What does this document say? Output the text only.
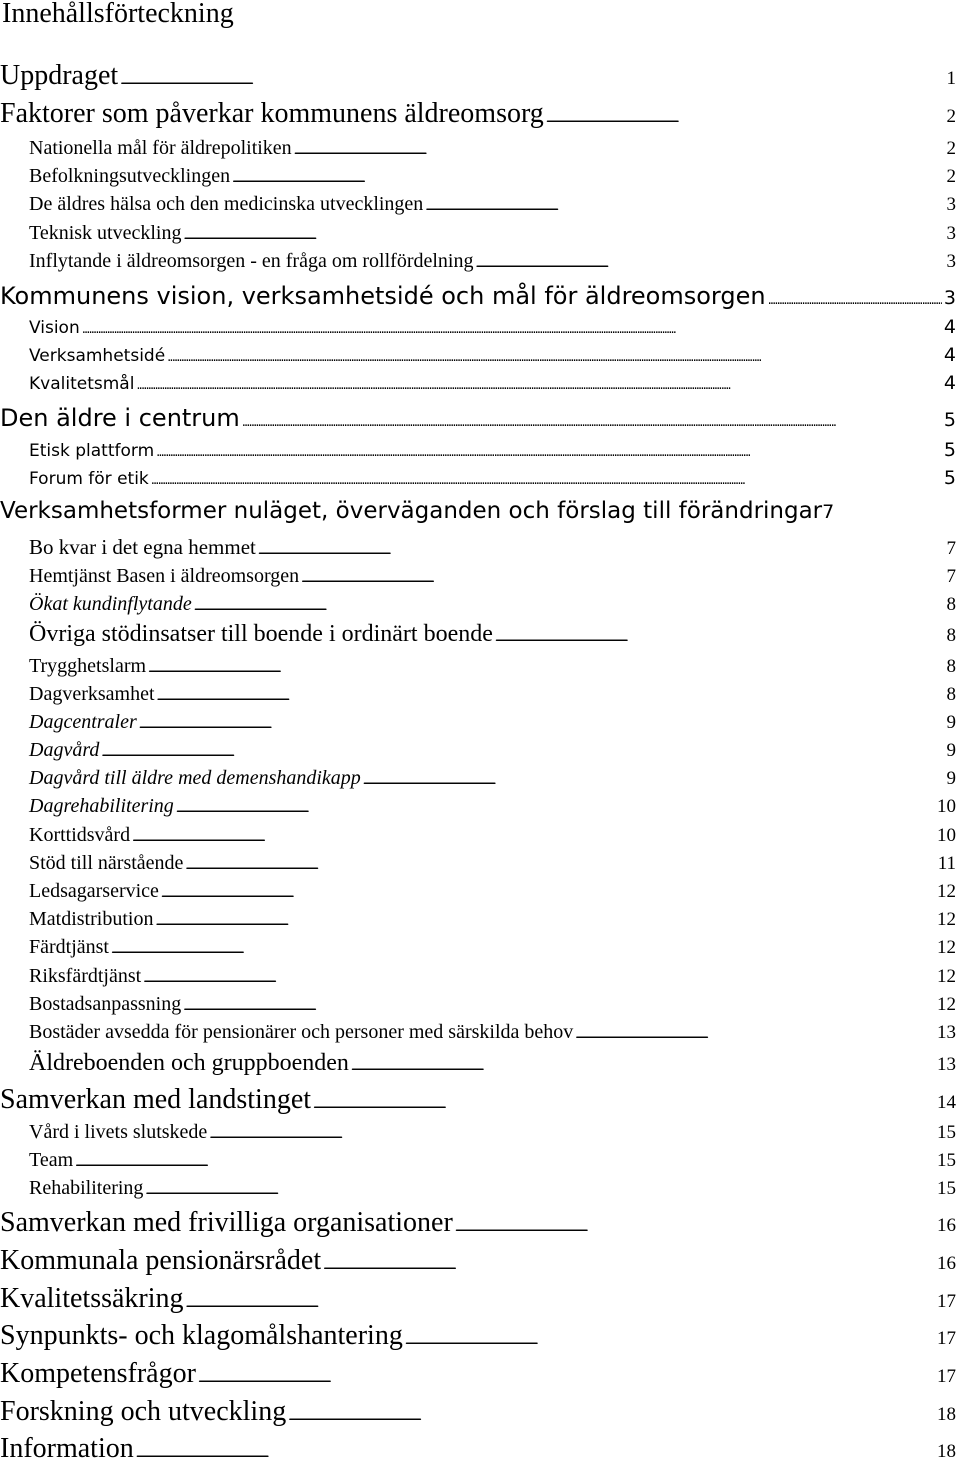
Innehållsförteckning
Uppdraget . . .	1
Faktorer som påverkar kommunens äldreomsorg . . .	2
Nationella mål för äldrepolitiken . . .	2
Befolkningsutvecklingen . . .	2
De äldres hälsa och den medicinska utvecklingen . . .	3
Teknisk utveckling . . .	3
Inflytande i äldreomsorgen - en fråga om rollfördelning . . .	3
Kommunens vision, verksamhetsidé och mål för äldreomsorgen . . .	3
Vision . . .	4
Verksamhetsidé . . .	4
Kvalitetsmål . . .	4
Den äldre i centrum . . .	5
Etisk plattform . . .	5
Forum för etik . . .	5
Verksamhetsformer nuläget, överväganden och förslag till förändringar 7
Bo kvar i det egna hemmet . . .	7
Hemtjänst Basen i äldreomsorgen . . .	7
Ökat kundinflytande . . .	8
Övriga stödinsatser till boende i ordinärt boende . . .	8
Trygghetslarm . . .	8
Dagverksamhet . . .	8
Dagcentraler . . .	9
Dagvård . . .	9
Dagvård till äldre med demenshandikapp . . .	9
Dagrehabilitering . . .	10
Korttidsvård . . .	10
Stöd till närstående . . .	11
Ledsagarservice . . .	12
Matdistribution . . .	12
Färdtjänst . . .	12
Riksfärdtjänst . . .	12
Bostadsanpassning . . .	12
Bostäder avsedda för pensionärer och personer med särskilda behov . . .	13
Äldreboenden och gruppboenden . . .	13
Samverkan med landstinget . . .	14
Vård i livets slutskede . . .	15
Team . . .	15
Rehabilitering . . .	15
Samverkan med frivilliga organisationer . . .	16
Kommunala pensionärsrådet . . .	16
Kvalitetssäkring . . .	17
Synpunkts- och klagomålshantering . . .	17
Kompetensfrågor . . .	17
Forskning och utveckling . . .	18
Information . . .	18
